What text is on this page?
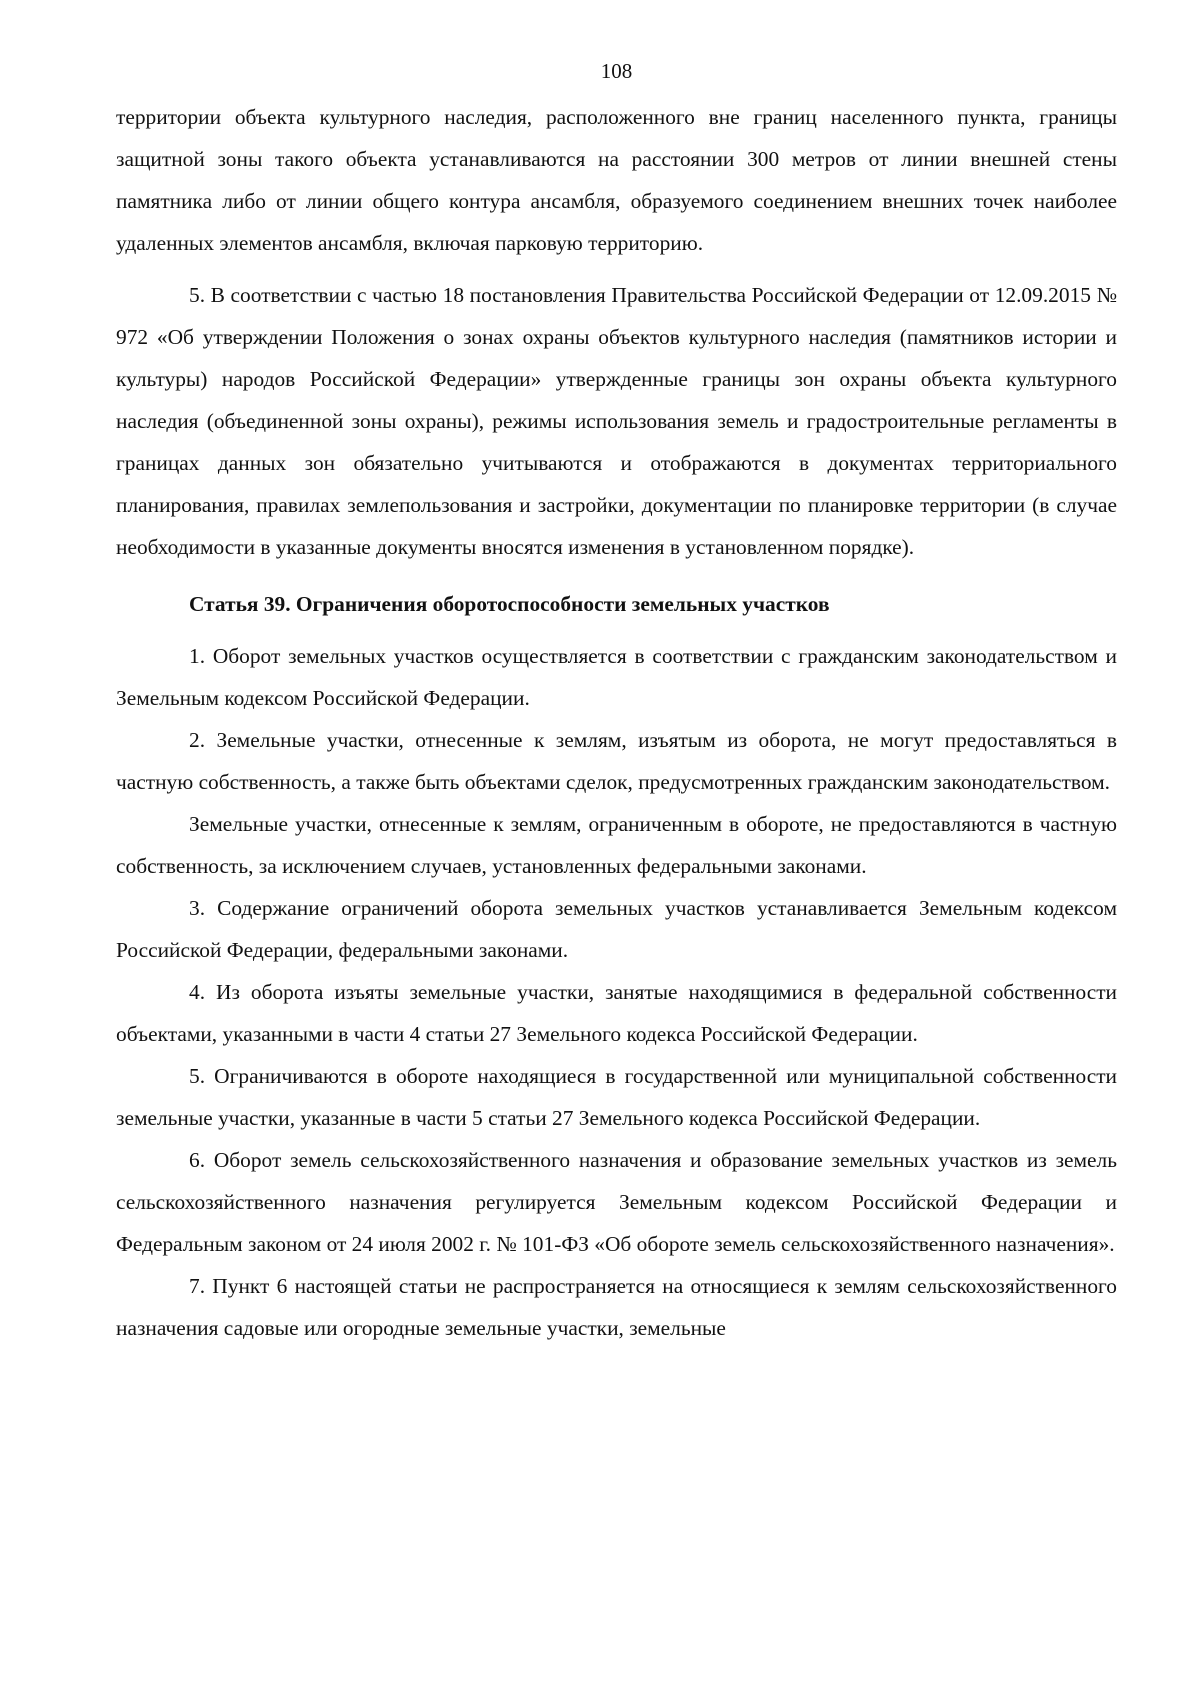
108

территории объекта культурного наследия, расположенного вне границ населенного пункта, границы защитной зоны такого объекта устанавливаются на расстоянии 300 метров от линии внешней стены памятника либо от линии общего контура ансамбля, образуемого соединением внешних точек наиболее удаленных элементов ансамбля, включая парковую территорию.

5. В соответствии с частью 18 постановления Правительства Российской Федерации от 12.09.2015 № 972 «Об утверждении Положения о зонах охраны объектов культурного наследия (памятников истории и культуры) народов Российской Федерации» утвержденные границы зон охраны объекта культурного наследия (объединенной зоны охраны), режимы использования земель и градостроительные регламенты в границах данных зон обязательно учитываются и отображаются в документах территориального планирования, правилах землепользования и застройки, документации по планировке территории (в случае необходимости в указанные документы вносятся изменения в установленном порядке).

Статья 39. Ограничения оборотоспособности земельных участков

1. Оборот земельных участков осуществляется в соответствии с гражданским законодательством и Земельным кодексом Российской Федерации.

2. Земельные участки, отнесенные к землям, изъятым из оборота, не могут предоставляться в частную собственность, а также быть объектами сделок, предусмотренных гражданским законодательством.

Земельные участки, отнесенные к землям, ограниченным в обороте, не предоставляются в частную собственность, за исключением случаев, установленных федеральными законами.

3. Содержание ограничений оборота земельных участков устанавливается Земельным кодексом Российской Федерации, федеральными законами.

4. Из оборота изъяты земельные участки, занятые находящимися в федеральной собственности объектами, указанными в части 4 статьи 27 Земельного кодекса Российской Федерации.

5. Ограничиваются в обороте находящиеся в государственной или муниципальной собственности земельные участки, указанные в части 5 статьи 27 Земельного кодекса Российской Федерации.

6. Оборот земель сельскохозяйственного назначения и образование земельных участков из земель сельскохозяйственного назначения регулируется Земельным кодексом Российской Федерации и Федеральным законом от 24 июля 2002 г. № 101-ФЗ «Об обороте земель сельскохозяйственного назначения».

7. Пункт 6 настоящей статьи не распространяется на относящиеся к землям сельскохозяйственного назначения садовые или огородные земельные участки, земельные
